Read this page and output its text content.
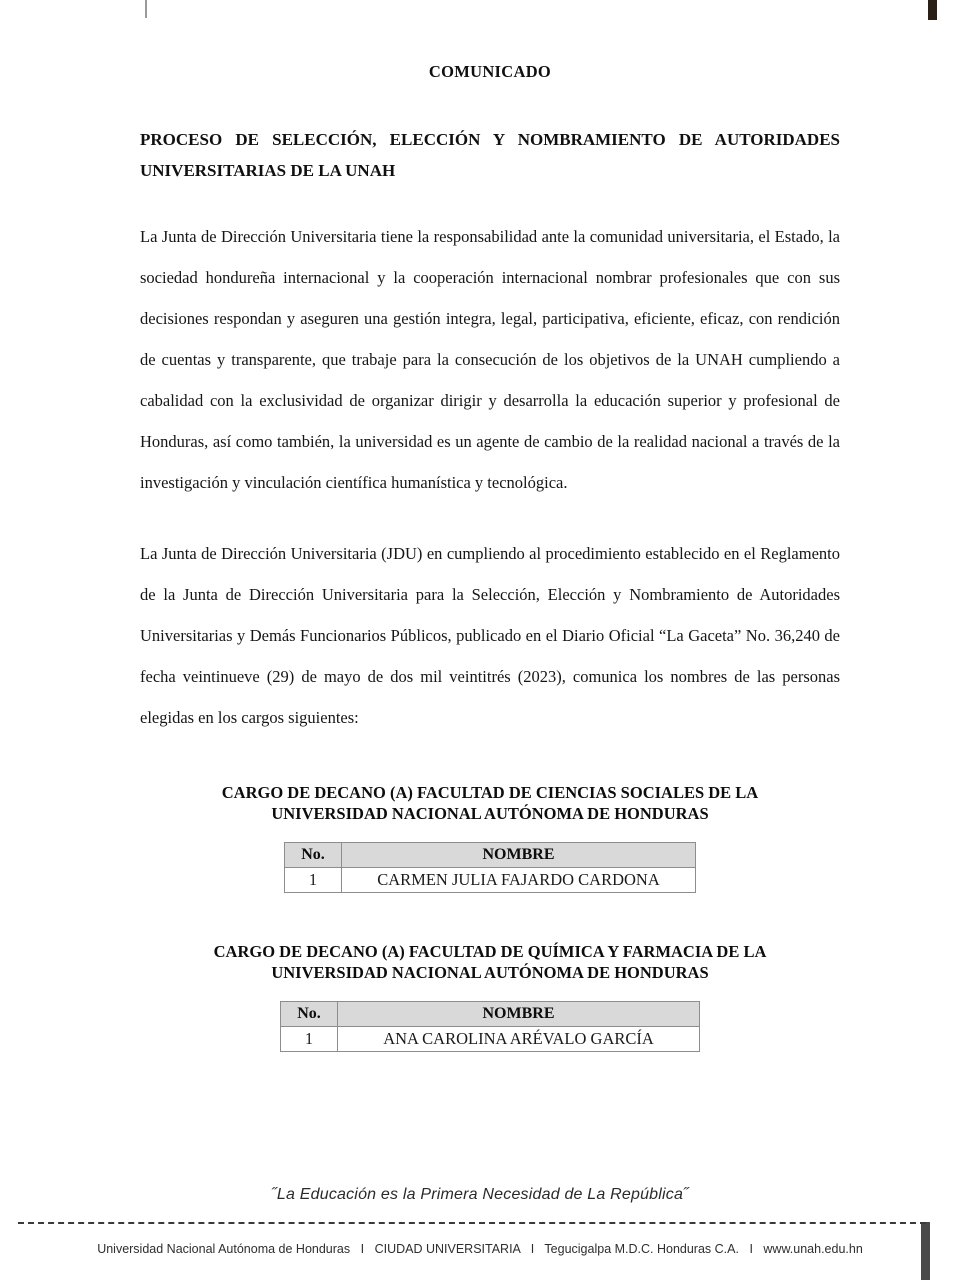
COMUNICADO
PROCESO DE SELECCIÓN, ELECCIÓN Y NOMBRAMIENTO DE AUTORIDADES UNIVERSITARIAS DE LA UNAH

La Junta de Dirección Universitaria tiene la responsabilidad ante la comunidad universitaria, el Estado, la sociedad hondureña internacional y la cooperación internacional nombrar profesionales que con sus decisiones respondan y aseguren una gestión integra, legal, participativa, eficiente, eficaz, con rendición de cuentas y transparente, que trabaje para la consecución de los objetivos de la UNAH cumpliendo a cabalidad con la exclusividad de organizar dirigir y desarrolla la educación superior y profesional de Honduras, así como también, la universidad es un agente de cambio de la realidad nacional a través de la investigación y vinculación científica humanística y tecnológica.

La Junta de Dirección Universitaria (JDU) en cumpliendo al procedimiento establecido en el Reglamento de la Junta de Dirección Universitaria para la Selección, Elección y Nombramiento de Autoridades Universitarias y Demás Funcionarios Públicos, publicado en el Diario Oficial “La Gaceta” No. 36,240 de fecha veintinueve (29) de mayo de dos mil veintitrés (2023), comunica los nombres de las personas elegidas en los cargos siguientes:

CARGO DE DECANO (A) FACULTAD DE CIENCIAS SOCIALES DE LA
UNIVERSIDAD NACIONAL AUTÓNOMA DE HONDURAS
No.	NOMBRE
1	CARMEN JULIA FAJARDO CARDONA
CARGO DE DECANO (A) FACULTAD DE QUÍMICA Y FARMACIA DE LA
UNIVERSIDAD NACIONAL AUTÓNOMA DE HONDURAS
No.	NOMBRE
1	ANA CAROLINA ARÉVALO GARCÍA
˝La Educación es la Primera Necesidad de La República˝
Universidad Nacional Autónoma de Honduras I CIUDAD UNIVERSITARIA I Tegucigalpa M.D.C. Honduras C.A. I www.unah.edu.hn
